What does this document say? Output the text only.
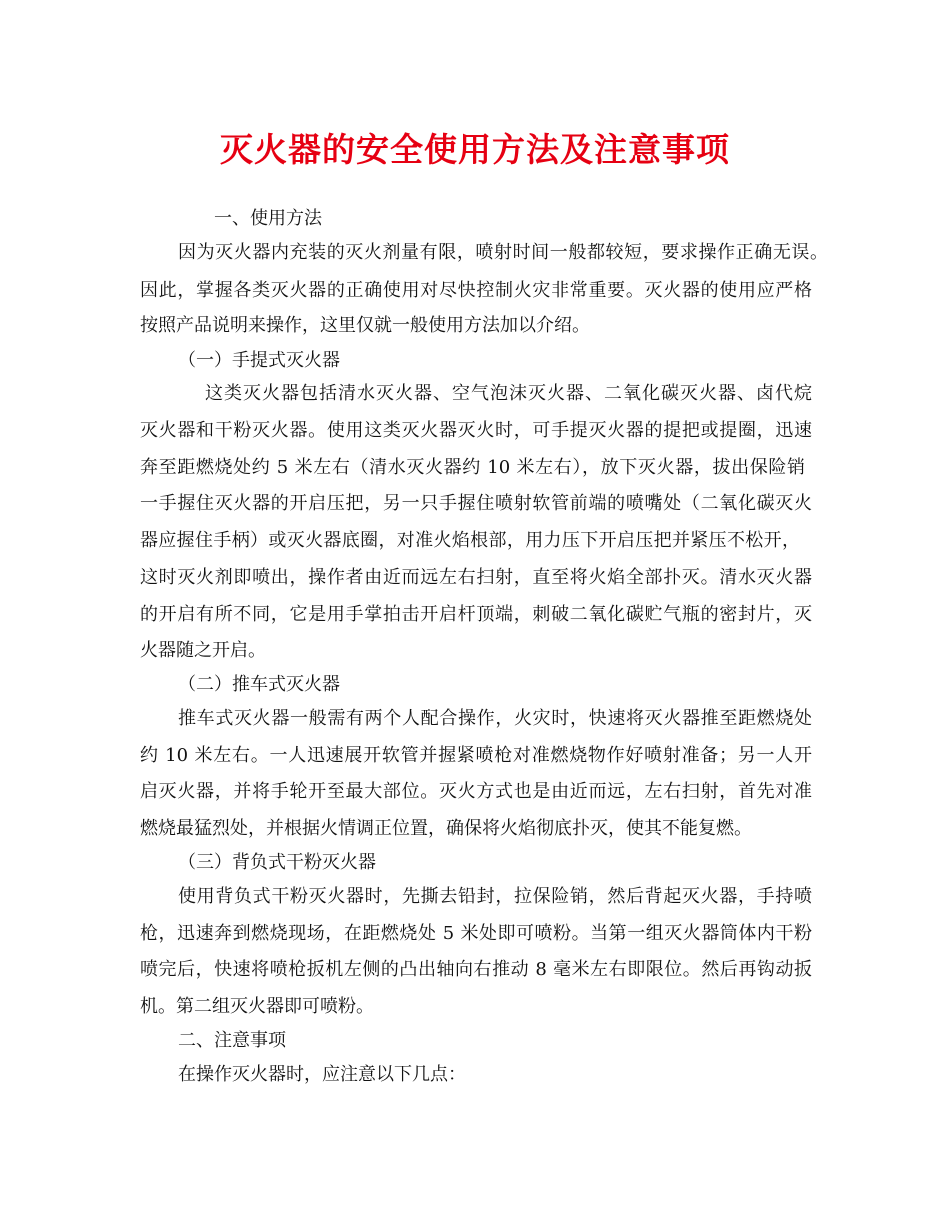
灭火器的安全使用方法及注意事项
一、使用方法
因为灭火器内充装的灭火剂量有限，喷射时间一般都较短，要求操作正确无误。
因此，掌握各类灭火器的正确使用对尽快控制火灾非常重要。灭火器的使用应严格
按照产品说明来操作，这里仅就一般使用方法加以介绍。
（一）手提式灭火器
这类灭火器包括清水灭火器、空气泡沫灭火器、二氧化碳灭火器、卤代烷
灭火器和干粉灭火器。使用这类灭火器灭火时，可手提灭火器的提把或提圈，迅速
奔至距燃烧处约 5 米左右（清水灭火器约 10 米左右），放下灭火器，拔出保险销
一手握住灭火器的开启压把，另一只手握住喷射软管前端的喷嘴处（二氧化碳灭火
器应握住手柄）或灭火器底圈，对准火焰根部，用力压下开启压把并紧压不松开，
这时灭火剂即喷出，操作者由近而远左右扫射，直至将火焰全部扑灭。清水灭火器
的开启有所不同，它是用手掌拍击开启杆顶端，刺破二氧化碳贮气瓶的密封片，灭
火器随之开启。
（二）推车式灭火器
推车式灭火器一般需有两个人配合操作，火灾时，快速将灭火器推至距燃烧处
约 10 米左右。一人迅速展开软管并握紧喷枪对准燃烧物作好喷射准备；另一人开
启灭火器，并将手轮开至最大部位。灭火方式也是由近而远，左右扫射，首先对准
燃烧最猛烈处，并根据火情调正位置，确保将火焰彻底扑灭，使其不能复燃。
（三）背负式干粉灭火器
使用背负式干粉灭火器时，先撕去铅封，拉保险销，然后背起灭火器，手持喷
枪，迅速奔到燃烧现场，在距燃烧处 5 米处即可喷粉。当第一组灭火器筒体内干粉
喷完后，快速将喷枪扳机左侧的凸出轴向右推动 8 毫米左右即限位。然后再钩动扳
机。第二组灭火器即可喷粉。
二、注意事项
在操作灭火器时，应注意以下几点：
